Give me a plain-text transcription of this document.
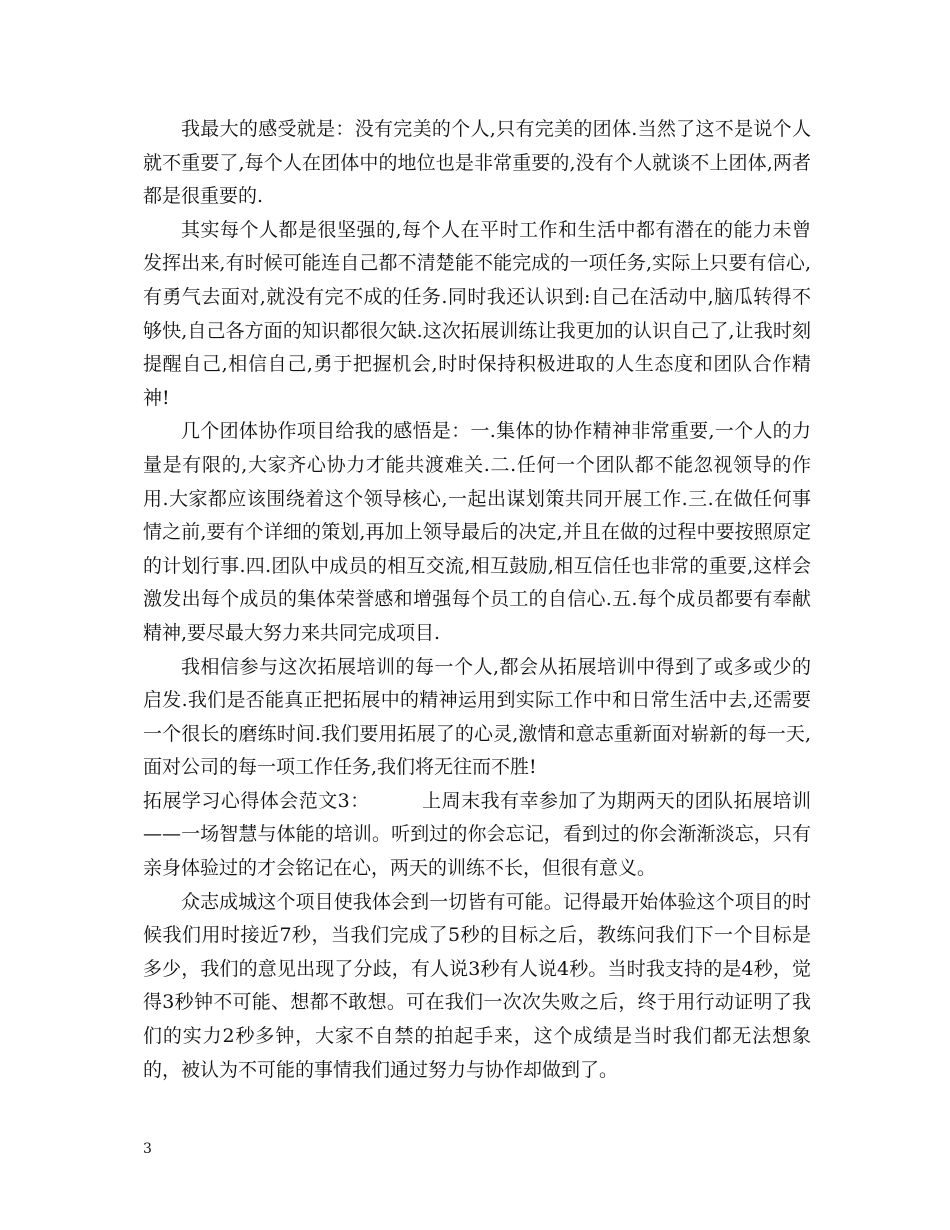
我最大的感受就是：没有完美的个人,只有完美的团体.当然了这不是说个人就不重要了,每个人在团体中的地位也是非常重要的,没有个人就谈不上团体,两者都是很重要的.

其实每个人都是很坚强的,每个人在平时工作和生活中都有潜在的能力未曾发挥出来,有时候可能连自己都不清楚能不能完成的一项任务,实际上只要有信心,有勇气去面对,就没有完不成的任务.同时我还认识到:自己在活动中,脑瓜转得不够快,自己各方面的知识都很欠缺.这次拓展训练让我更加的认识自己了,让我时刻提醒自己,相信自己,勇于把握机会,时时保持积极进取的人生态度和团队合作精神!

几个团体协作项目给我的感悟是：一.集体的协作精神非常重要,一个人的力量是有限的,大家齐心协力才能共渡难关.二.任何一个团队都不能忽视领导的作用.大家都应该围绕着这个领导核心,一起出谋划策共同开展工作.三.在做任何事情之前,要有个详细的策划,再加上领导最后的决定,并且在做的过程中要按照原定的计划行事.四.团队中成员的相互交流,相互鼓励,相互信任也非常的重要,这样会激发出每个成员的集体荣誉感和增强每个员工的自信心.五.每个成员都要有奉献精神,要尽最大努力来共同完成项目.

我相信参与这次拓展培训的每一个人,都会从拓展培训中得到了或多或少的启发.我们是否能真正把拓展中的精神运用到实际工作中和日常生活中去,还需要一个很长的磨练时间.我们要用拓展了的心灵,激情和意志重新面对崭新的每一天,面对公司的每一项工作任务,我们将无往而不胜!

拓展学习心得体会范文3：	上周末我有幸参加了为期两天的团队拓展培训——一场智慧与体能的培训。听到过的你会忘记，看到过的你会渐渐淡忘，只有亲身体验过的才会铭记在心，两天的训练不长，但很有意义。

众志成城这个项目使我体会到一切皆有可能。记得最开始体验这个项目的时候我们用时接近7秒，当我们完成了5秒的目标之后，教练问我们下一个目标是多少，我们的意见出现了分歧，有人说3秒有人说4秒。当时我支持的是4秒，觉得3秒钟不可能、想都不敢想。可在我们一次次失败之后，终于用行动证明了我们的实力2秒多钟，大家不自禁的拍起手来，这个成绩是当时我们都无法想象的，被认为不可能的事情我们通过努力与协作却做到了。

3
